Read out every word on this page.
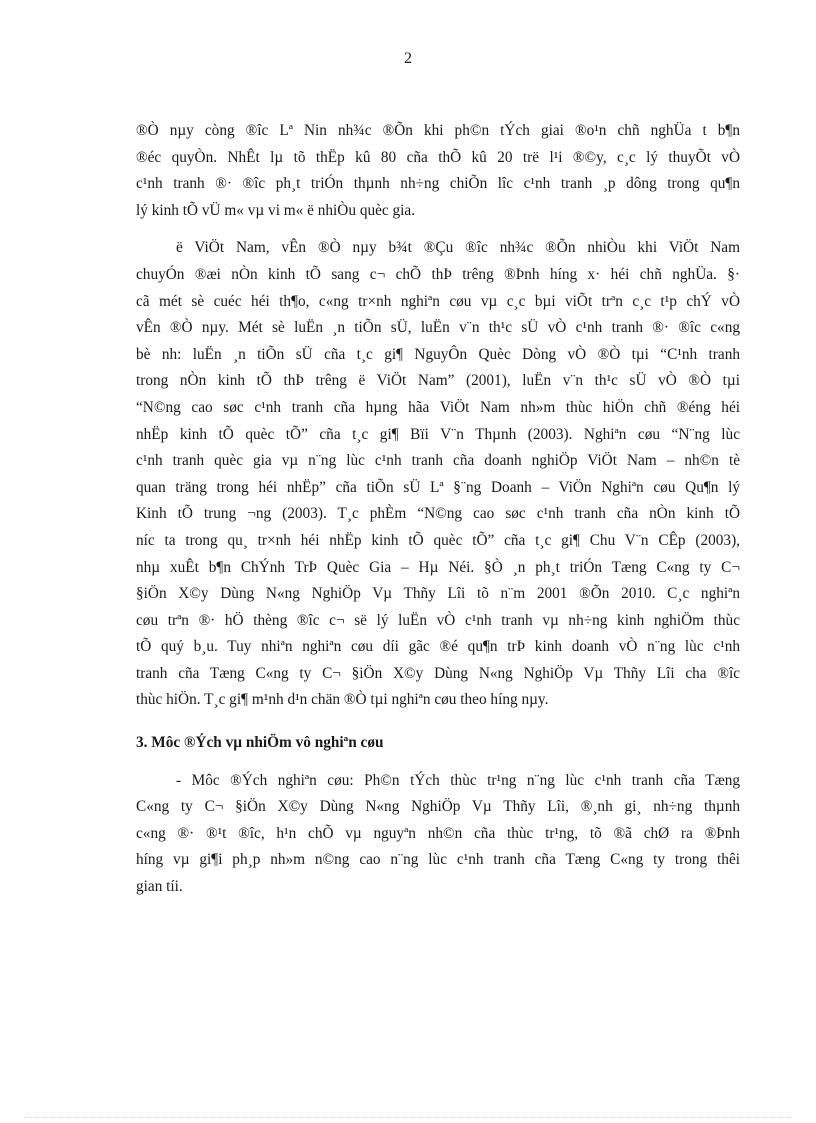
2

®Ò nµy còng ®îc Lª Nin nh¾c ®Õn khi ph©n tÝch giai ®o¹n chñ nghÜa t b¶n
®éc quyÒn. NhÊt lµ tõ thËp kû 80 cña thÕ kû 20 trë l¹i ®©y, c¸c lý thuyÕt vÒ
c¹nh tranh ®· ®îc ph¸t triÓn thµnh nh÷ng chiÕn lîc c¹nh tranh ¸p dông trong qu¶n
lý kinh tÕ vÜ m« vµ vi m« ë nhiÒu quèc gia.

ë ViÖt Nam, vÊn ®Ò nµy b¾t ®Çu ®îc nh¾c ®Õn nhiÒu khi ViÖt Nam
chuyÓn ®æi nÒn kinh tÕ sang c¬ chÕ thÞ trêng ®Þnh híng x· héi chñ nghÜa. §·
cã mét sè cuéc héi th¶o, c«ng tr×nh nghiªn cøu vµ c¸c bµi viÕt trªn c¸c t¹p chÝ vÒ
vÊn ®Ò nµy. Mét sè luËn ¸n tiÕn sÜ, luËn v¨n th¹c sÜ vÒ c¹nh tranh ®· ®îc c«ng
bè nh: luËn ¸n tiÕn sÜ cña t¸c gi¶ NguyÔn Quèc Dòng vÒ ®Ò tµi “C¹nh tranh
trong nÒn kinh tÕ thÞ trêng ë ViÖt Nam” (2001), luËn v¨n th¹c sÜ vÒ ®Ò tµi
“N©ng cao søc c¹nh tranh cña hµng hãa ViÖt Nam nh»m thùc hiÖn chñ ®éng héi
nhËp kinh tÕ quèc tÕ” cña t¸c gi¶ Bïi V¨n Thµnh (2003). Nghiªn cøu “N¨ng lùc
c¹nh tranh quèc gia vµ n¨ng lùc c¹nh tranh cña doanh nghiÖp ViÖt Nam – nh©n tè
quan träng trong héi nhËp” cña tiÕn sÜ Lª §¨ng Doanh – ViÖn Nghiªn cøu Qu¶n lý
Kinh tÕ trung ¬ng (2003). T¸c phÈm “N©ng cao søc c¹nh tranh cña nÒn kinh tÕ
níc ta trong qu¸ tr×nh héi nhËp kinh tÕ quèc tÕ” cña t¸c gi¶ Chu V¨n CÊp (2003),
nhµ xuÊt b¶n ChÝnh TrÞ Quèc Gia – Hµ Néi. §Ò ¸n ph¸t triÓn Tæng C«ng ty C¬
§iÖn X©y Dùng N«ng NghiÖp Vµ Thñy Lîi tõ n¨m 2001 ®Õn 2010. C¸c nghiªn
cøu trªn ®· hÖ thèng ®îc c¬ së lý luËn vÒ c¹nh tranh vµ nh÷ng kinh nghiÖm thùc
tÕ quý b¸u. Tuy nhiªn nghiªn cøu díi gãc ®é qu¶n trÞ kinh doanh vÒ n¨ng lùc c¹nh
tranh cña Tæng C«ng ty C¬ §iÖn X©y Dùng N«ng NghiÖp Vµ Thñy Lîi cha ®îc
thùc hiÖn. T¸c gi¶ m¹nh d¹n chän ®Ò tµi nghiªn cøu theo híng nµy.

3. Môc ®Ých vµ nhiÖm vô nghiªn cøu

- Môc ®Ých nghiªn cøu: Ph©n tÝch thùc tr¹ng n¨ng lùc c¹nh tranh cña Tæng
C«ng ty C¬ §iÖn X©y Dùng N«ng NghiÖp Vµ Thñy Lîi, ®¸nh gi¸ nh÷ng thµnh
c«ng ®· ®¹t ®îc, h¹n chÕ vµ nguyªn nh©n cña thùc tr¹ng, tõ ®ã chØ ra ®Þnh
híng vµ gi¶i ph¸p nh»m n©ng cao n¨ng lùc c¹nh tranh cña Tæng C«ng ty trong thêi
gian tíi.
